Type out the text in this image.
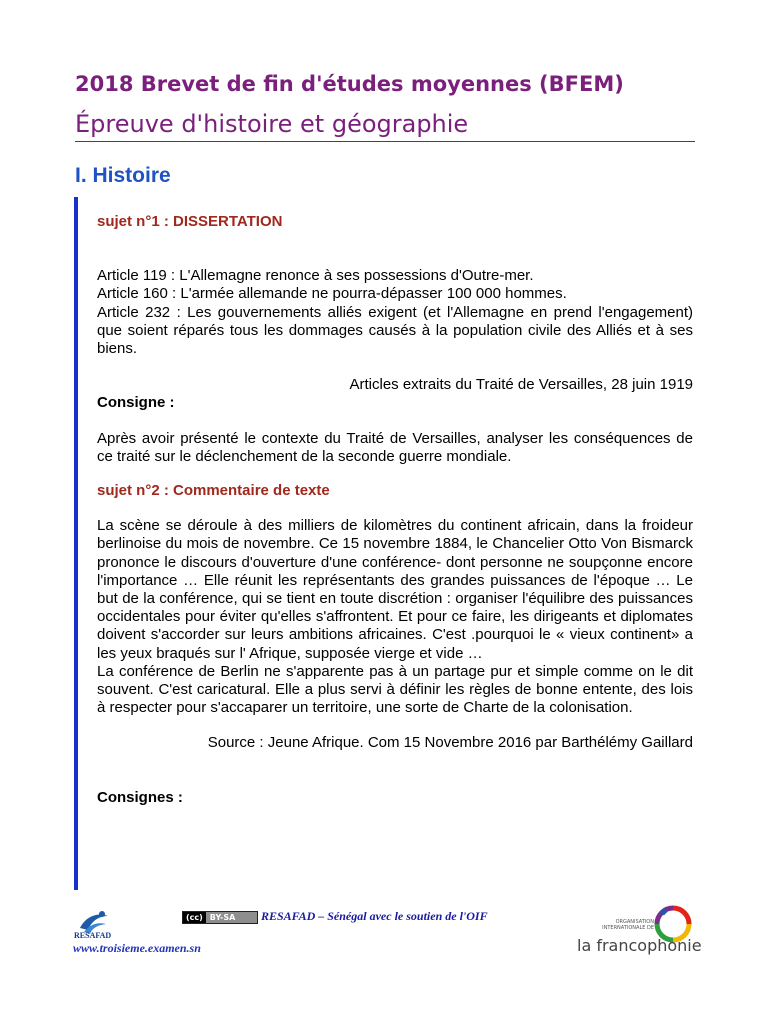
2018 Brevet de fin d'études moyennes (BFEM)
Épreuve d'histoire et géographie
I. Histoire

sujet n°1 : DISSERTATION

Article 119 : L'Allemagne renonce à ses possessions d'Outre-mer.

Article 160 : L'armée allemande ne pourra-dépasser 100 000 hommes.

Article 232 : Les gouvernements alliés exigent (et l'Allemagne en prend l'engagement) que soient réparés tous les dommages causés à la population civile des Alliés et à ses biens.

Articles extraits du Traité de Versailles, 28 juin 1919

Consigne :

Après avoir présenté le contexte du Traité de Versailles, analyser les conséquences de ce traité sur le déclenchement de la seconde guerre mondiale.

sujet n°2 : Commentaire de texte

La scène se déroule à des milliers de kilomètres du continent africain, dans la froideur berlinoise du mois de novembre. Ce 15 novembre 1884, le Chancelier Otto Von Bismarck prononce le discours d'ouverture d'une conférence- dont personne ne soupçonne encore l'importance … Elle réunit les représentants des grandes puissances de l'époque … Le but de la conférence, qui se tient en toute discrétion : organiser l'équilibre des puissances occidentales pour éviter qu'elles s'affrontent. Et pour ce faire, les dirigeants et diplomates doivent s'accorder sur leurs ambitions africaines. C'est .pourquoi le « vieux continent» a les yeux braqués sur l' Afrique, supposée vierge et vide …

La conférence de Berlin ne s'apparente pas à un partage pur et simple comme on le dit souvent. C'est caricatural. Elle a plus servi à définir les règles de bonne entente, des lois à respecter pour s'accaparer un territoire, une sorte de Charte de la colonisation.

Source : Jeune Afrique. Com 15 Novembre 2016 par Barthélémy Gaillard

Consignes :

RESAFAD
www.troisieme.examen.sn
(cc) BY-SA RESAFAD – Sénégal avec le soutien de l'OIF	ORGANISATION INTERNATIONALE DE
la francophonie
